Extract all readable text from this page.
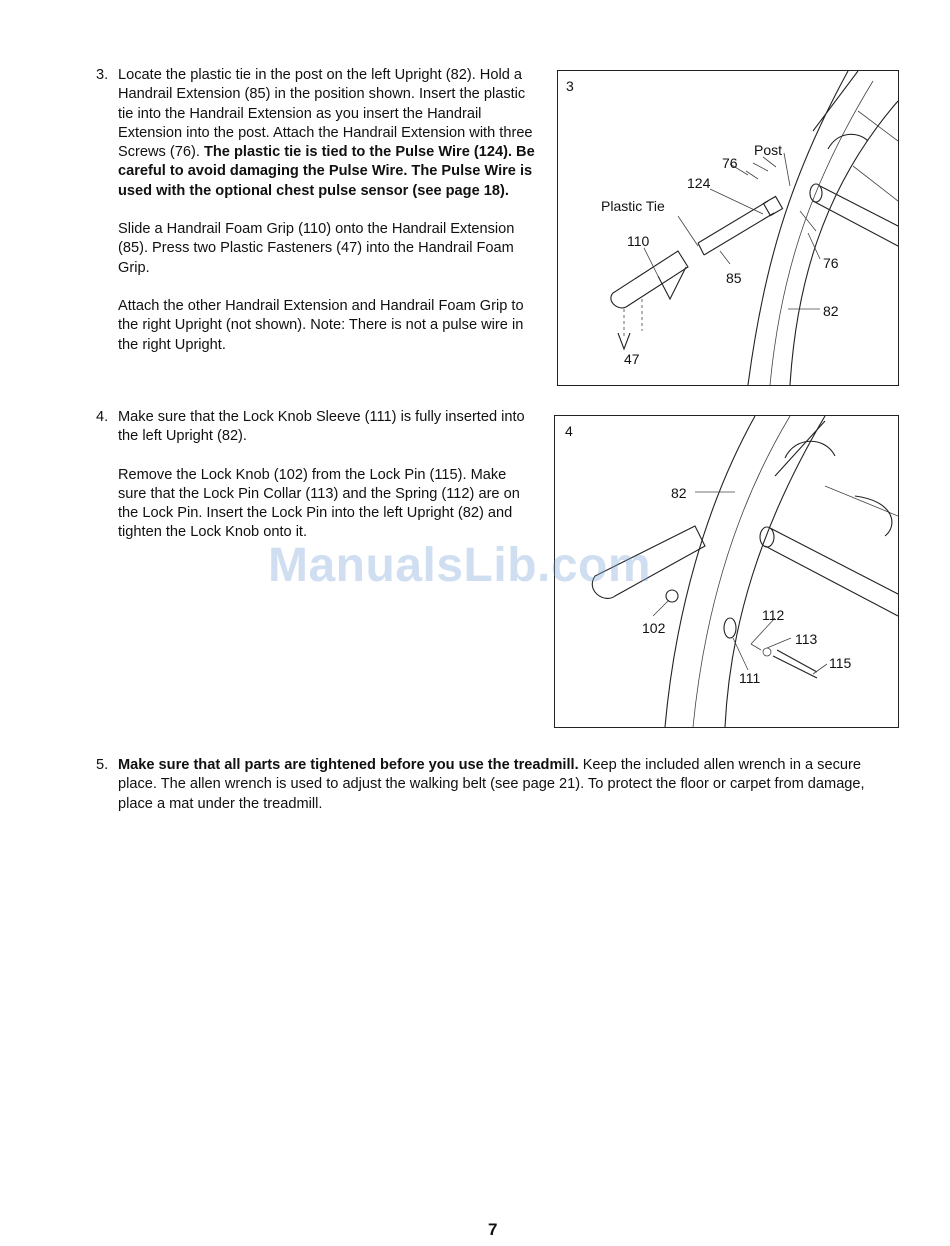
3. Locate the plastic tie in the post on the left Upright (82). Hold a Handrail Extension (85) in the position shown. Insert the plastic tie into the Handrail Extension as you insert the Handrail Extension into the post. Attach the Handrail Extension with three Screws (76). The plastic tie is tied to the Pulse Wire (124). Be careful to avoid damaging the Pulse Wire. The Pulse Wire is used with the optional chest pulse sensor (see page 18).

Slide a Handrail Foam Grip (110) onto the Handrail Extension (85). Press two Plastic Fasteners (47) into the Handrail Foam Grip.

Attach the other Handrail Extension and Handrail Foam Grip to the right Upright (not shown). Note: There is not a pulse wire in the right Upright.

3
Post
76
124
Plastic Tie
110
85
76
82
47
4. Make sure that the Lock Knob Sleeve (111) is fully inserted into the left Upright (82).

Remove the Lock Knob (102) from the Lock Pin (115). Make sure that the Lock Pin Collar (113) and the Spring (112) are on the Lock Pin. Insert the Lock Pin into the left Upright (82) and tighten the Lock Knob onto it.

4
82
112
113
102
115
111
5. Make sure that all parts are tightened before you use the treadmill. Keep the included allen wrench in a secure place. The allen wrench is used to adjust the walking belt (see page 21). To protect the floor or carpet from damage, place a mat under the treadmill.

ManualsLib.com
7
